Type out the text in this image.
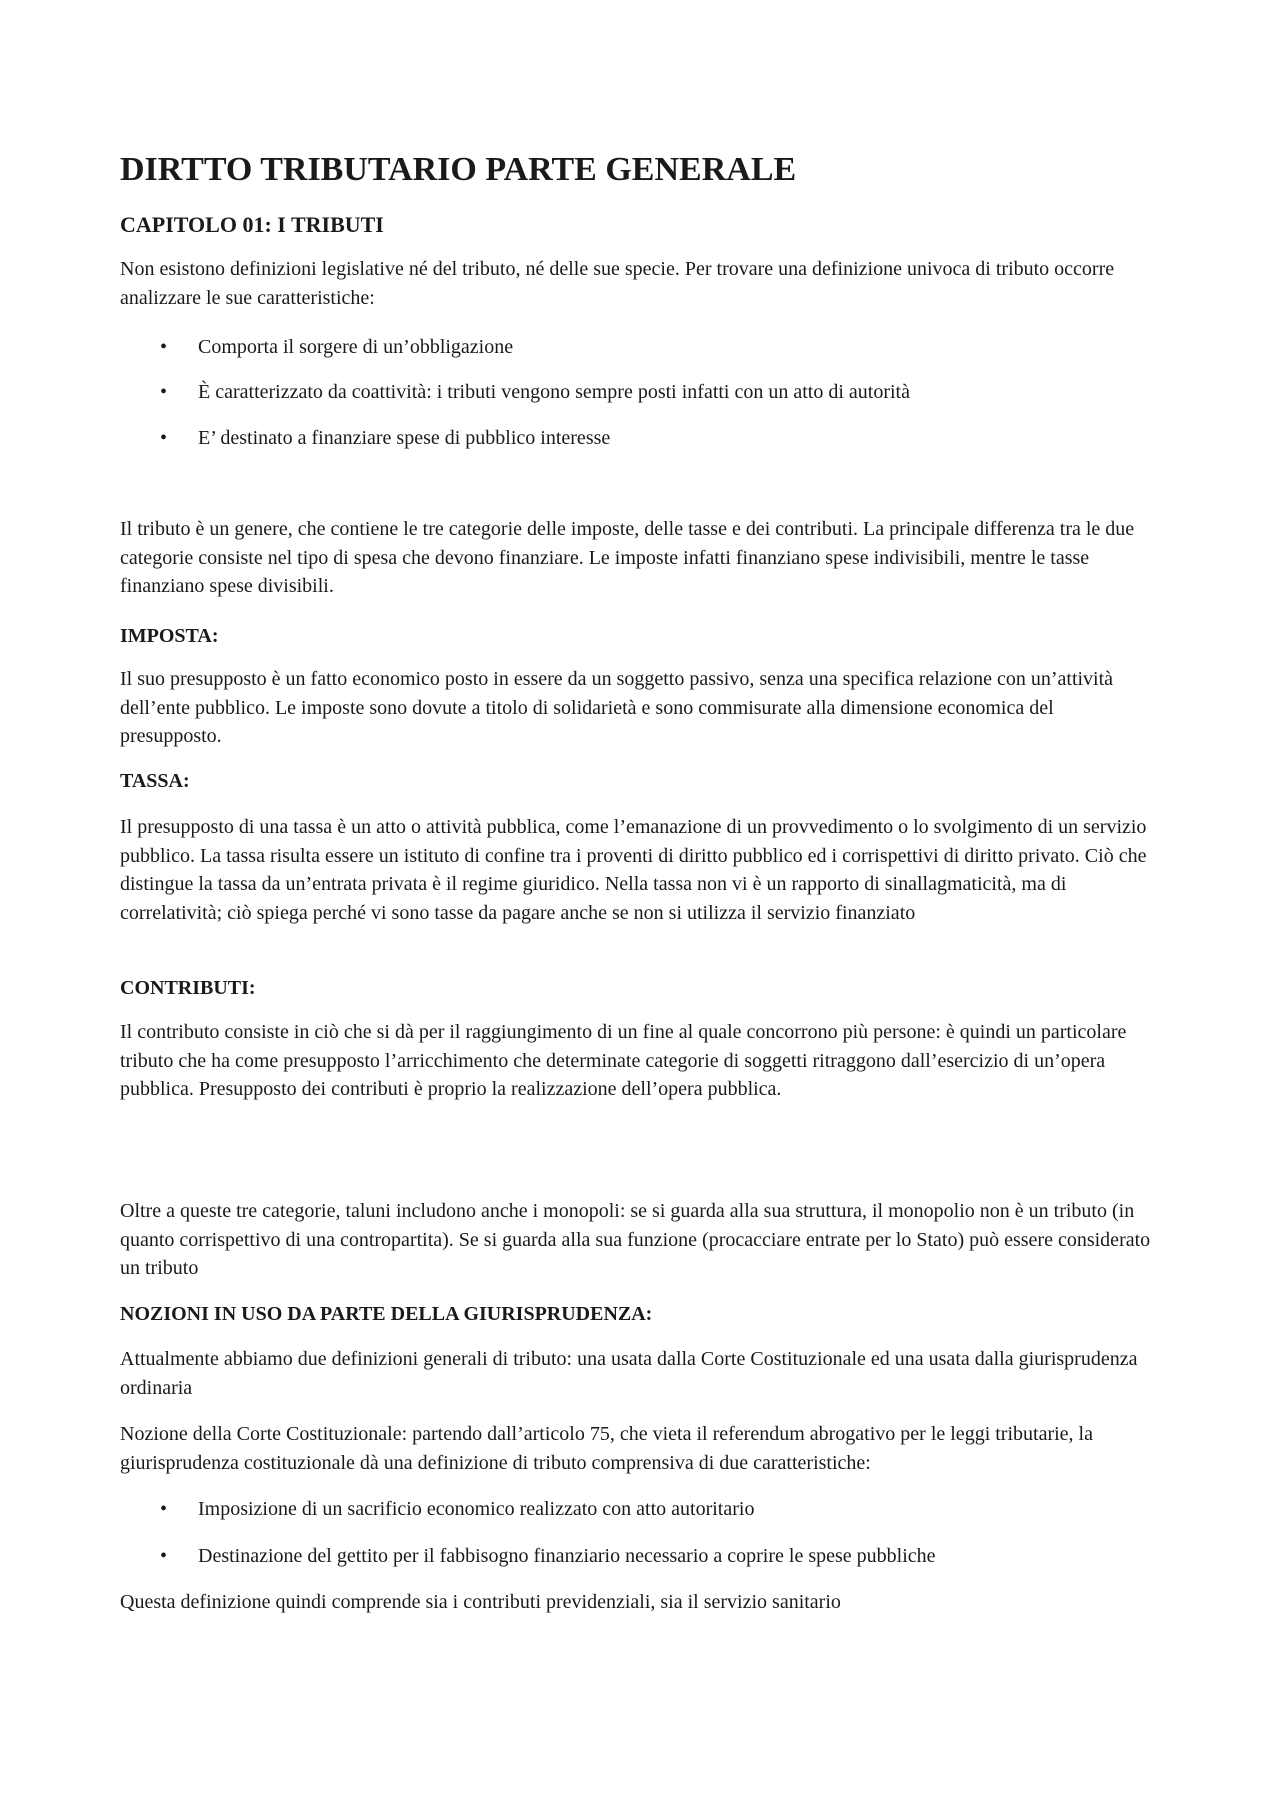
DIRTTO TRIBUTARIO PARTE GENERALE
CAPITOLO 01: I TRIBUTI

Non esistono definizioni legislative né del tributo, né delle sue specie. Per trovare una definizione univoca di tributo occorre analizzare le sue caratteristiche:

• Comporta il sorgere di un’obbligazione
• È caratterizzato da coattività: i tributi vengono sempre posti infatti con un atto di autorità
• E’ destinato a finanziare spese di pubblico interesse

Il tributo è un genere, che contiene le tre categorie delle imposte, delle tasse e dei contributi. La principale differenza tra le due categorie consiste nel tipo di spesa che devono finanziare. Le imposte infatti finanziano spese indivisibili, mentre le tasse finanziano spese divisibili.

IMPOSTA:

Il suo presupposto è un fatto economico posto in essere da un soggetto passivo, senza una specifica relazione con un’attività dell’ente pubblico. Le imposte sono dovute a titolo di solidarietà e sono commisurate alla dimensione economica del presupposto.

TASSA:

Il presupposto di una tassa è un atto o attività pubblica, come l’emanazione di un provvedimento o lo svolgimento di un servizio pubblico. La tassa risulta essere un istituto di confine tra i proventi di diritto pubblico ed i corrispettivi di diritto privato. Ciò che distingue la tassa da un’entrata privata è il regime giuridico. Nella tassa non vi è un rapporto di sinallagmaticità, ma di correlatività; ciò spiega perché vi sono tasse da pagare anche se non si utilizza il servizio finanziato

CONTRIBUTI:

Il contributo consiste in ciò che si dà per il raggiungimento di un fine al quale concorrono più persone: è quindi un particolare tributo che ha come presupposto l’arricchimento che determinate categorie di soggetti ritraggono dall’esercizio di un’opera pubblica. Presupposto dei contributi è proprio la realizzazione dell’opera pubblica.

Oltre a queste tre categorie, taluni includono anche i monopoli: se si guarda alla sua struttura, il monopolio non è un tributo (in quanto corrispettivo di una contropartita). Se si guarda alla sua funzione (procacciare entrate per lo Stato) può essere considerato un tributo

NOZIONI IN USO DA PARTE DELLA GIURISPRUDENZA:

Attualmente abbiamo due definizioni generali di tributo: una usata dalla Corte Costituzionale ed una usata dalla giurisprudenza ordinaria

Nozione della Corte Costituzionale: partendo dall’articolo 75, che vieta il referendum abrogativo per le leggi tributarie, la giurisprudenza costituzionale dà una definizione di tributo comprensiva di due caratteristiche:

• Imposizione di un sacrificio economico realizzato con atto autoritario
• Destinazione del gettito per il fabbisogno finanziario necessario a coprire le spese pubbliche

Questa definizione quindi comprende sia i contributi previdenziali, sia il servizio sanitario
